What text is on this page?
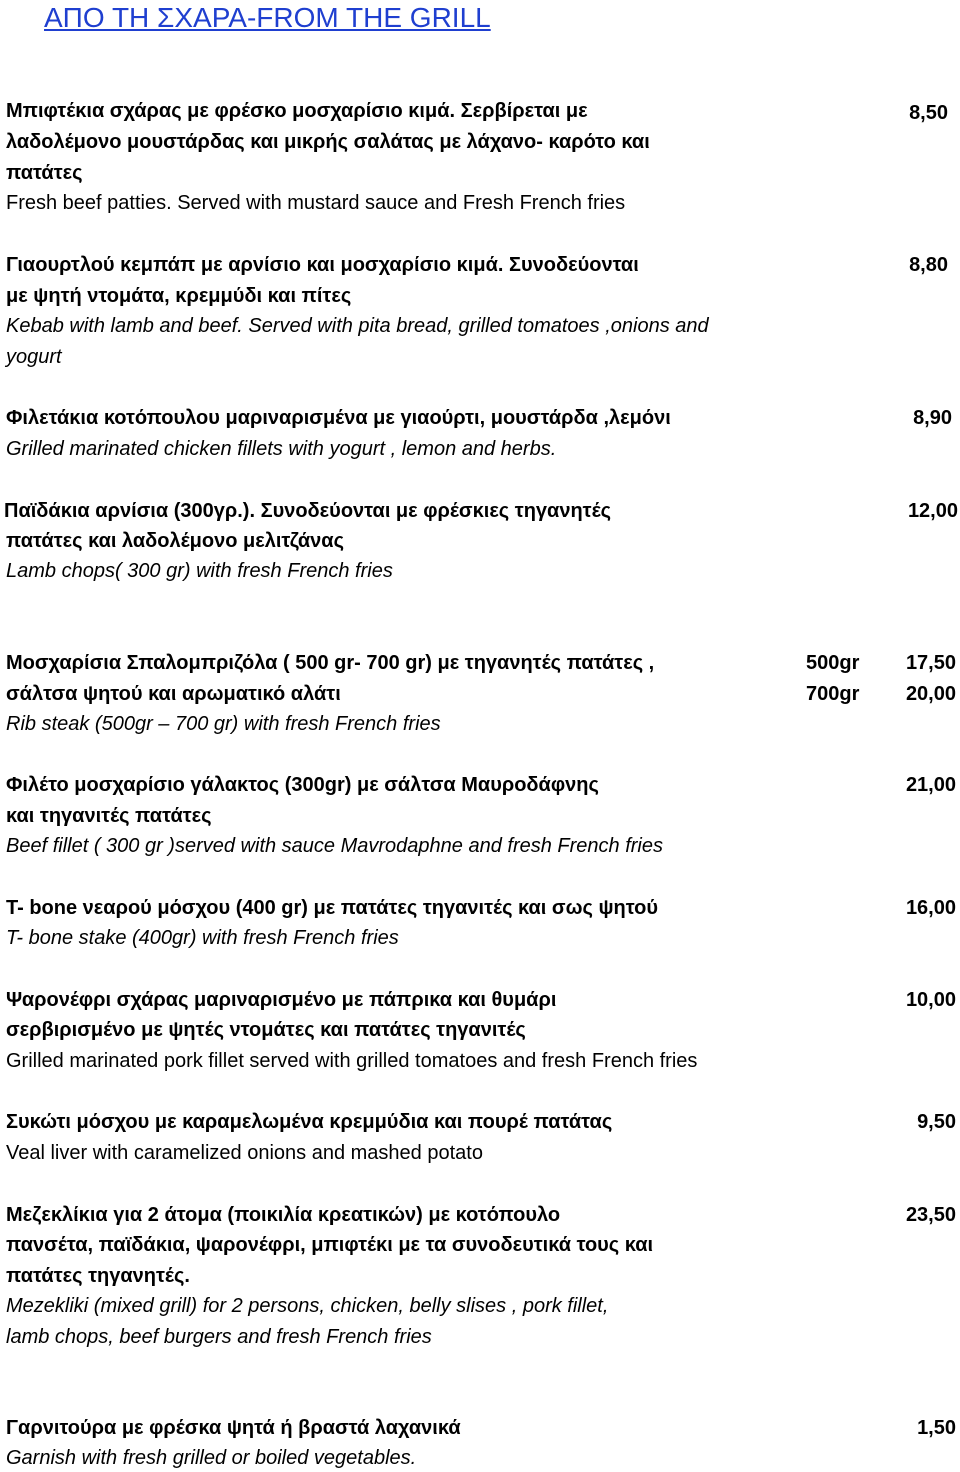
ΑΠΟ ΤΗ ΣΧΑΡΑ-FROM THE GRILL
Μπιφτέκια σχάρας με φρέσκο μοσχαρίσιο κιμά. Σερβίρεται με
λαδολέμονο μουστάρδας και μικρής σαλάτας με λάχανο- καρότο και
πατάτες
Fresh beef patties. Served with mustard sauce and Fresh French fries
8,50
Γιαουρτλού κεμπάπ με αρνίσιο και μοσχαρίσιο κιμά. Συνοδεύονται
με ψητή ντομάτα, κρεμμύδι και πίτες
Kebab with lamb and beef. Served with pita bread, grilled tomatoes ,onions and
yogurt
8,80
Φιλετάκια κοτόπουλου μαριναρισμένα με γιαούρτι, μουστάρδα ,λεμόνι
Grilled marinated chicken fillets with yogurt , lemon and herbs.
8,90
Παϊδάκια αρνίσια (300γρ.). Συνοδεύονται με φρέσκιες τηγανητές
πατάτες και λαδολέμονο μελιτζάνας
Lamb chops( 300 gr) with fresh French fries
12,00
Μοσχαρίσια Σπαλομπριζόλα ( 500 gr- 700 gr) με τηγανητές πατάτες ,
σάλτσα ψητού και αρωματικό αλάτι
Rib steak (500gr – 700 gr) with fresh French fries
500gr
700gr
17,50
20,00
Φιλέτο μοσχαρίσιο γάλακτος (300gr) με σάλτσα Μαυροδάφνης
και τηγανιτές πατάτες
Beef fillet ( 300 gr )served with sauce Mavrodaphne and fresh French fries
21,00
T- bone νεαρού μόσχου (400 gr) με πατάτες τηγανιτές και σως ψητού
T- bone stake (400gr) with fresh French fries
16,00
Ψαρονέφρι σχάρας μαριναρισμένο με πάπρικα και θυμάρι
σερβιρισμένο με ψητές ντομάτες και πατάτες τηγανιτές
Grilled marinated pork fillet served with grilled tomatoes and fresh French fries
10,00
Συκώτι μόσχου με καραμελωμένα κρεμμύδια και πουρέ πατάτας
Veal liver with caramelized onions and mashed potato
9,50
Μεζεκλίκια για 2 άτομα (ποικιλία κρεατικών) με κοτόπουλο
πανσέτα, παϊδάκια, ψαρονέφρι, μπιφτέκι με τα συνοδευτικά τους και
πατάτες τηγανητές.
Mezekliki (mixed grill) for 2 persons, chicken, belly slises , pork fillet,
lamb chops, beef burgers and fresh French fries
23,50
Γαρνιτούρα με φρέσκα ψητά ή βραστά λαχανικά
Garnish with fresh grilled or boiled vegetables.
1,50
